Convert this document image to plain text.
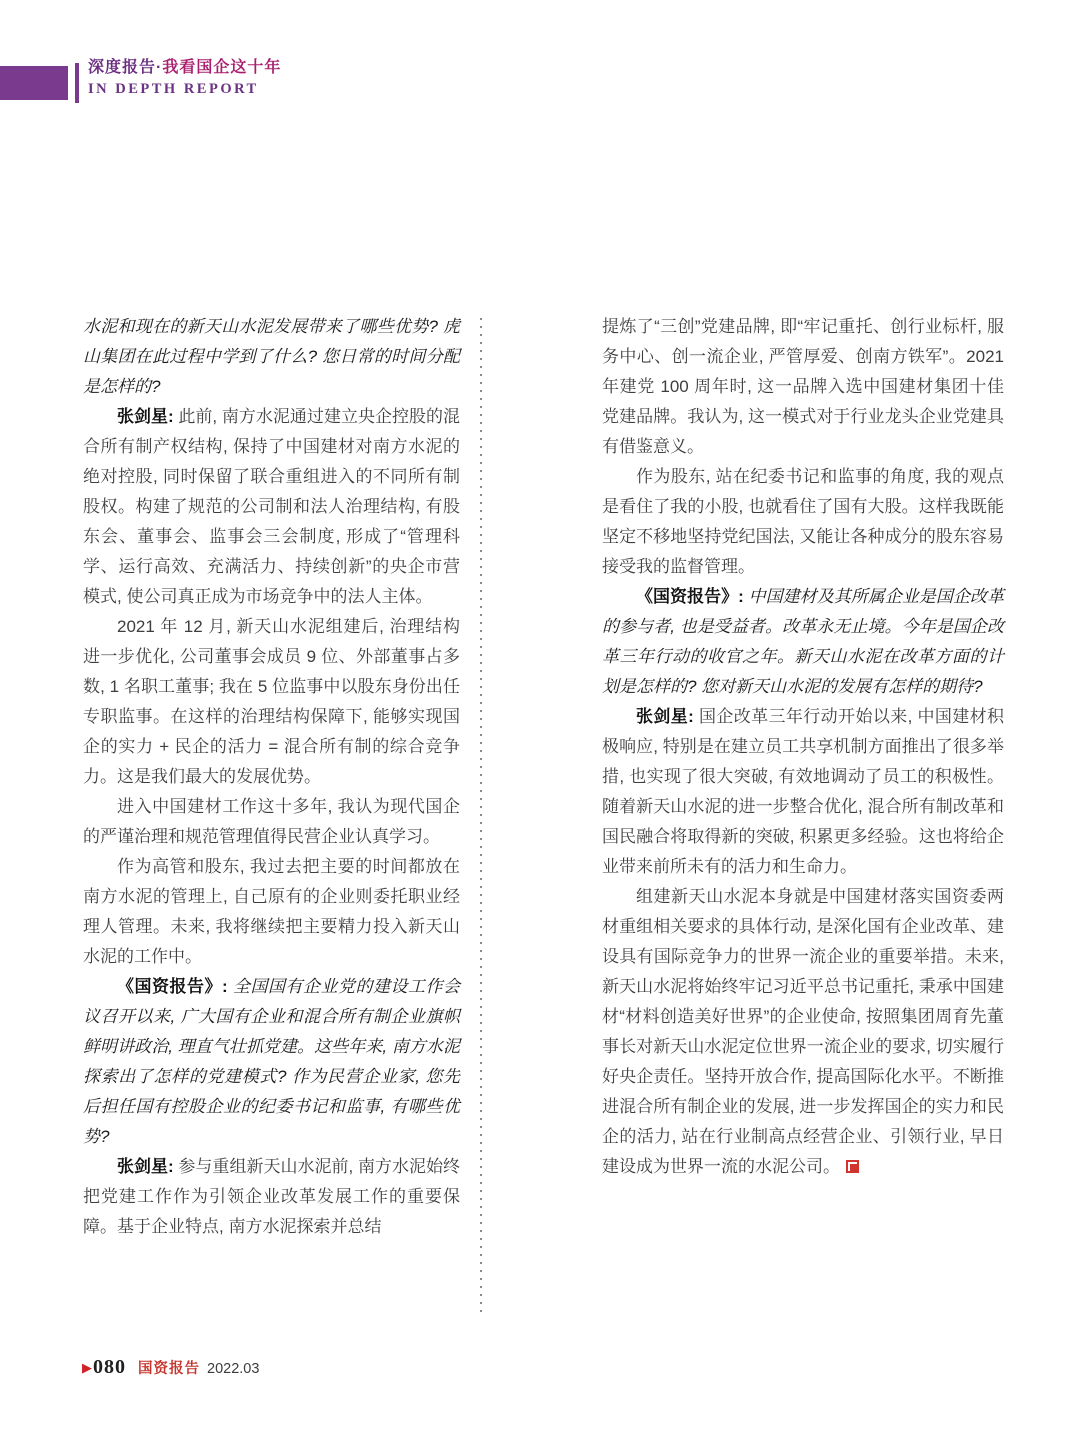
深度报告·我看国企这十年
IN DEPTH REPORT

水泥和现在的新天山水泥发展带来了哪些优势? 虎山集团在此过程中学到了什么? 您日常的时间分配是怎样的?

张剑星: 此前, 南方水泥通过建立央企控股的混合所有制产权结构, 保持了中国建材对南方水泥的绝对控股, 同时保留了联合重组进入的不同所有制股权。构建了规范的公司制和法人治理结构, 有股东会、董事会、监事会三会制度, 形成了“管理科学、运行高效、充满活力、持续创新”的央企市营模式, 使公司真正成为市场竞争中的法人主体。

2021 年 12 月, 新天山水泥组建后, 治理结构进一步优化, 公司董事会成员 9 位、外部董事占多数, 1 名职工董事; 我在 5 位监事中以股东身份出任专职监事。在这样的治理结构保障下, 能够实现国企的实力 + 民企的活力 = 混合所有制的综合竞争力。这是我们最大的发展优势。

进入中国建材工作这十多年, 我认为现代国企的严谨治理和规范管理值得民营企业认真学习。

作为高管和股东, 我过去把主要的时间都放在南方水泥的管理上, 自己原有的企业则委托职业经理人管理。未来, 我将继续把主要精力投入新天山水泥的工作中。

《国资报告》: 全国国有企业党的建设工作会议召开以来, 广大国有企业和混合所有制企业旗帜鲜明讲政治, 理直气壮抓党建。这些年来, 南方水泥探索出了怎样的党建模式? 作为民营企业家, 您先后担任国有控股企业的纪委书记和监事, 有哪些优势?

张剑星: 参与重组新天山水泥前, 南方水泥始终把党建工作作为引领企业改革发展工作的重要保障。基于企业特点, 南方水泥探索并总结

提炼了“三创”党建品牌, 即“牢记重托、创行业标杆, 服务中心、创一流企业, 严管厚爱、创南方铁军”。2021 年建党 100 周年时, 这一品牌入选中国建材集团十佳党建品牌。我认为, 这一模式对于行业龙头企业党建具有借鉴意义。

作为股东, 站在纪委书记和监事的角度, 我的观点是看住了我的小股, 也就看住了国有大股。这样我既能坚定不移地坚持党纪国法, 又能让各种成分的股东容易接受我的监督管理。

《国资报告》: 中国建材及其所属企业是国企改革的参与者, 也是受益者。改革永无止境。今年是国企改革三年行动的收官之年。新天山水泥在改革方面的计划是怎样的? 您对新天山水泥的发展有怎样的期待?

张剑星: 国企改革三年行动开始以来, 中国建材积极响应, 特别是在建立员工共享机制方面推出了很多举措, 也实现了很大突破, 有效地调动了员工的积极性。随着新天山水泥的进一步整合优化, 混合所有制改革和国民融合将取得新的突破, 积累更多经验。这也将给企业带来前所未有的活力和生命力。

组建新天山水泥本身就是中国建材落实国资委两材重组相关要求的具体行动, 是深化国有企业改革、建设具有国际竞争力的世界一流企业的重要举措。未来, 新天山水泥将始终牢记习近平总书记重托, 秉承中国建材“材料创造美好世界”的企业使命, 按照集团周育先董事长对新天山水泥定位世界一流企业的要求, 切实履行好央企责任。坚持开放合作, 提高国际化水平。不断推进混合所有制企业的发展, 进一步发挥国企的实力和民企的活力, 站在行业制高点经营企业、引领行业, 早日建设成为世界一流的水泥公司。

▶ 080 国资报告 2022.03
